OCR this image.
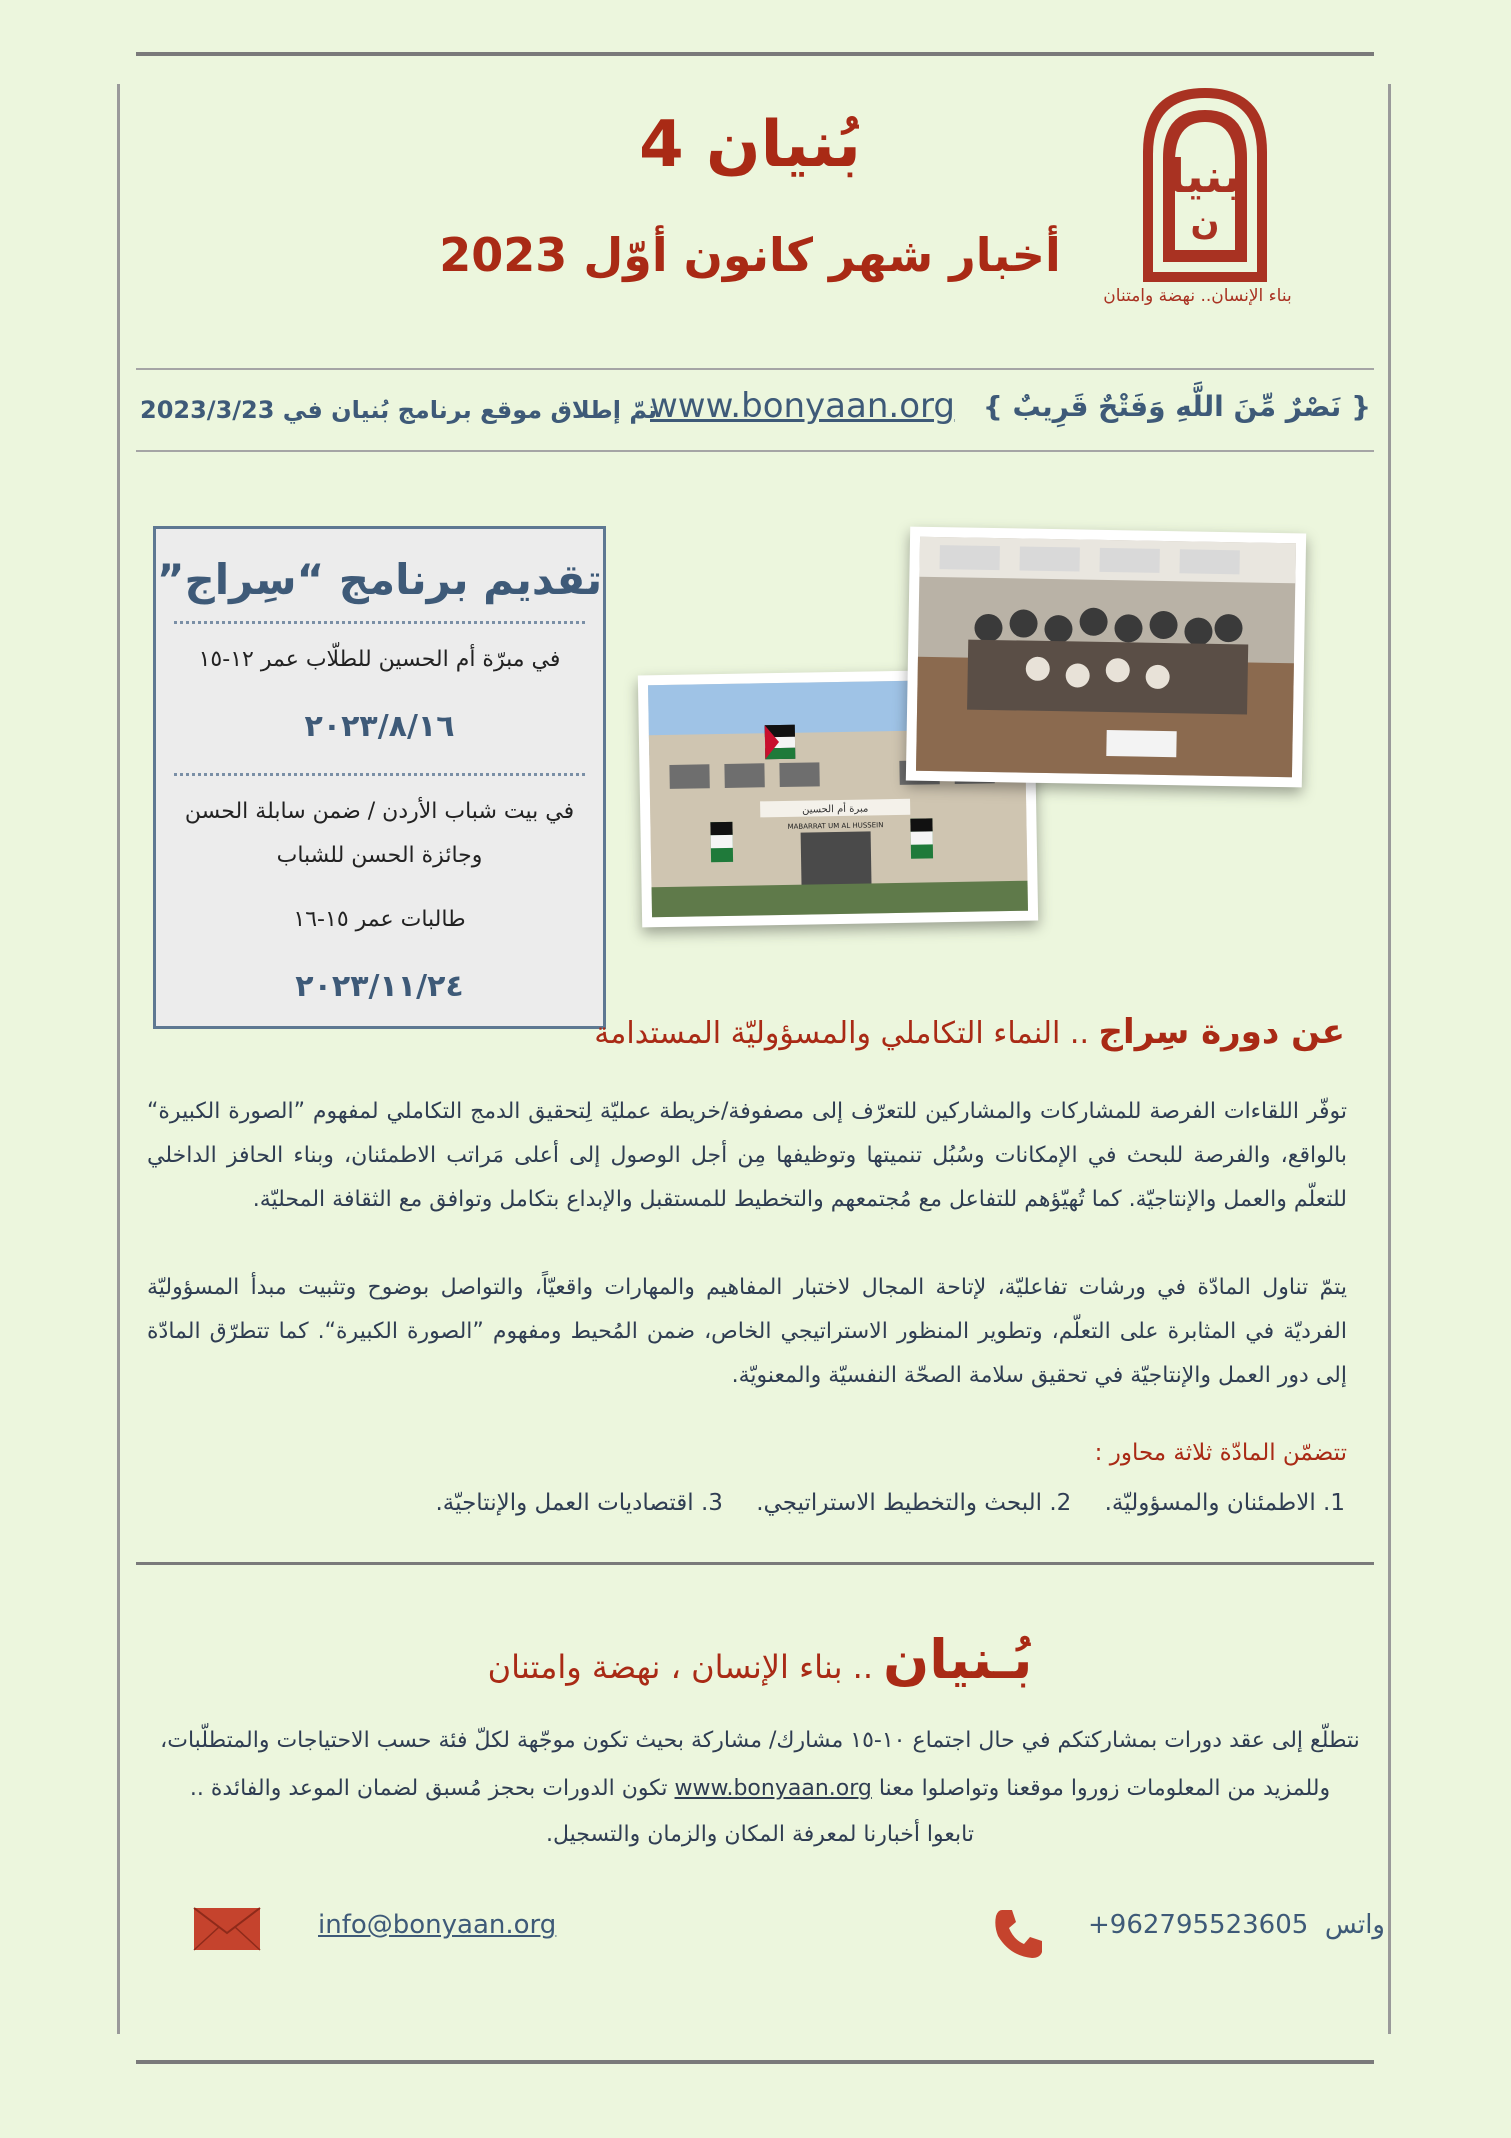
بنيا
ن
بناء الإنسان.. نهضة وامتنان
بُنيان 4
أخبار شهر كانون أوّل 2023
{ نَصْرٌ مِّنَ اللَّهِ وَفَتْحٌ قَرِيبٌ }
www.bonyaan.org
تمّ إطلاق موقع برنامج بُنيان في 2023/3/23
تقديم برنامج “سِراج”
في مبرّة أم الحسين للطلّاب عمر ١٢-١٥
٢٠٢٣/٨/١٦
في بيت شباب الأردن / ضمن سابلة الحسن
وجائزة الحسن للشباب
طالبات عمر ١٥-١٦
٢٠٢٣/١١/٢٤
مبرة أم الحسين
MABARRAT UM AL HUSSEIN
عن دورة سِراج .. النماء التكاملي والمسؤوليّة المستدامة
توفّر اللقاءات الفرصة للمشاركات والمشاركين للتعرّف إلى مصفوفة/خريطة عمليّة لِتحقيق الدمج التكاملي لمفهوم ”الصورة الكبيرة“ بالواقع، والفرصة للبحث في الإمكانات وسُبُل تنميتها وتوظيفها مِن أجل الوصول إلى أعلى مَراتب الاطمئنان، وبناء الحافز الداخلي للتعلّم والعمل والإنتاجيّة. كما تُهيّؤهم للتفاعل مع مُجتمعهم والتخطيط للمستقبل والإبداع بتكامل وتوافق مع الثقافة المحليّة.
يتمّ تناول المادّة في ورشات تفاعليّة، لإتاحة المجال لاختبار المفاهيم والمهارات واقعيّاً، والتواصل بوضوح وتثبيت مبدأ المسؤوليّة الفرديّة في المثابرة على التعلّم، وتطوير المنظور الاستراتيجي الخاص، ضمن المُحيط ومفهوم ”الصورة الكبيرة“. كما تتطرّق المادّة إلى دور العمل والإنتاجيّة في تحقيق سلامة الصحّة النفسيّة والمعنويّة.
تتضمّن المادّة ثلاثة محاور :
1. الاطمئنان والمسؤوليّة. 2. البحث والتخطيط الاستراتيجي. 3. اقتصاديات العمل والإنتاجيّة.
بُـنيان .. بناء الإنسان ، نهضة وامتنان
نتطلّع إلى عقد دورات بمشاركتكم في حال اجتماع ١٠-١٥ مشارك/ مشاركة بحيث تكون موجّهة لكلّ فئة حسب الاحتياجات والمتطلّبات،
وللمزيد من المعلومات زوروا موقعنا وتواصلوا معنا www.bonyaan.org تكون الدورات بحجز مُسبق لضمان الموعد والفائدة ..
تابعوا أخبارنا لمعرفة المكان والزمان والتسجيل.
info@bonyaan.org	+962795523605 واتس
